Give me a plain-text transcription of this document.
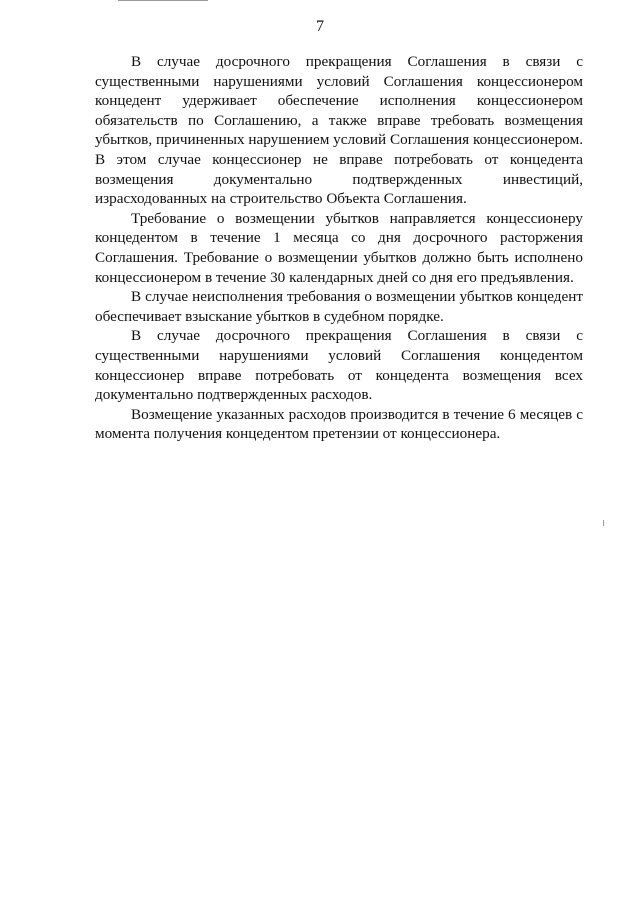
7

В случае досрочного прекращения Соглашения в связи с существенными нарушениями условий Соглашения концессионером концедент удерживает обеспечение исполнения концессионером обязательств по Соглашению, а также вправе требовать возмещения убытков, причиненных нарушением условий Соглашения концессионером. В этом случае концессионер не вправе потребовать от концедента возмещения документально подтвержденных инвестиций, израсходованных на строительство Объекта Соглашения.

Требование о возмещении убытков направляется концессионеру концедентом в течение 1 месяца со дня досрочного расторжения Соглашения. Требование о возмещении убытков должно быть исполнено концессионером в течение 30 календарных дней со дня его предъявления.

В случае неисполнения требования о возмещении убытков концедент обеспечивает взыскание убытков в судебном порядке.

В случае досрочного прекращения Соглашения в связи с существенными нарушениями условий Соглашения концедентом концессионер вправе потребовать от концедента возмещения всех документально подтвержденных расходов.

Возмещение указанных расходов производится в течение 6 месяцев с момента получения концедентом претензии от концессионера.
